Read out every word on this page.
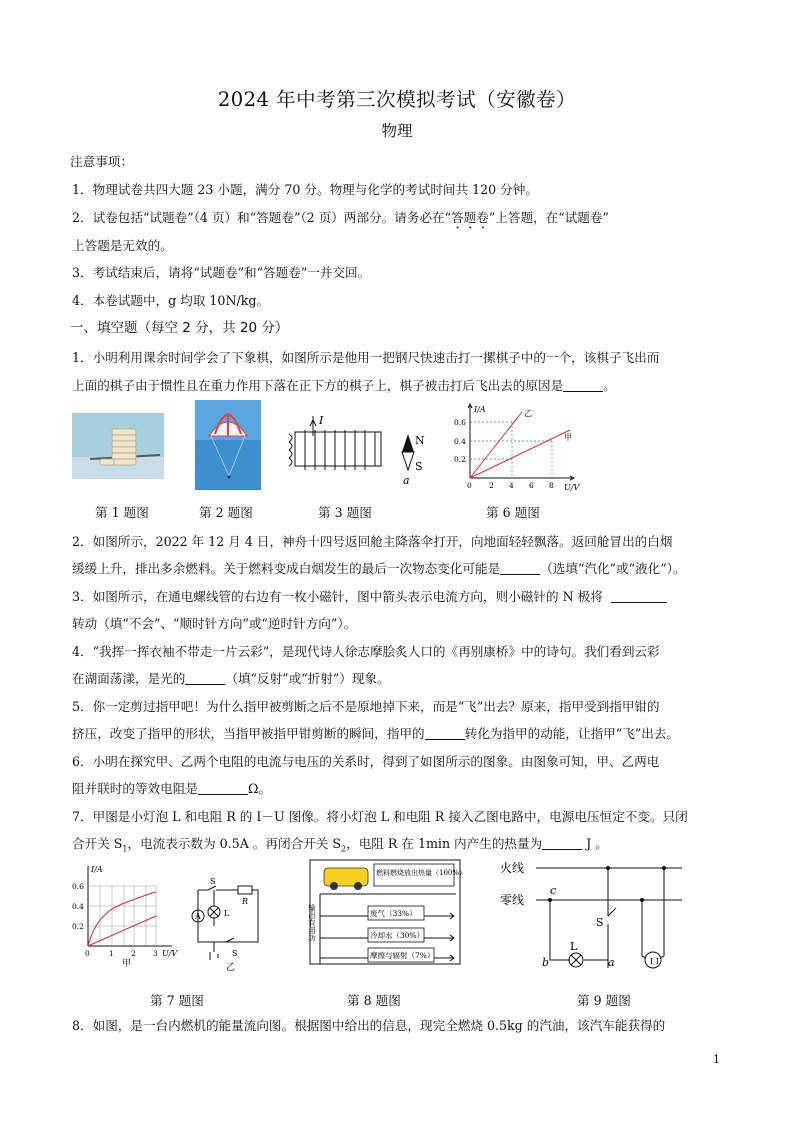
2024 年中考第三次模拟考试（安徽卷）
物理
注意事项：
1．物理试卷共四大题 23 小题，满分 70 分。物理与化学的考试时间共 120 分钟。
2．试卷包括“试题卷”（4 页）和“答题卷”（2 页）两部分。请务必在“答题卷”上答题，在“试题卷”
上答题是无效的。
3．考试结束后，请将“试题卷”和“答题卷”一并交回。
4．本卷试题中，g 均取 10N/kg。
一、填空题（每空 2 分，共 20 分）
1．小明利用课余时间学会了下象棋，如图所示是他用一把钢尺快速击打一摞棋子中的一个，该棋子飞出而
上面的棋子由于惯性且在重力作用下落在正下方的棋子上，棋子被击打后飞出去的原因是	。
I
N
S
a
I/A
U/V
乙
甲
0.6
0.4
0.2
0 2 4 6 8
第 1 题图	第 2 题图	第 3 题图	第 6 题图
2．如图所示，2022 年 12 月 4 日，神舟十四号返回舱主降落伞打开，向地面轻轻飘落。返回舱冒出的白烟
缓缓上升，排出多余燃料。关于燃料变成白烟发生的最后一次物态变化可能是	（选填“汽化”或“液化”）。
3．如图所示，在通电螺线管的右边有一枚小磁针，图中箭头表示电流方向，则小磁针的 N 极将
转动（填“不会”、“顺时针方向”或“逆时针方向”）。
4．“我挥一挥衣袖不带走一片云彩”，是现代诗人徐志摩脍炙人口的《再别康桥》中的诗句。我们看到云彩
在湖面荡漾，是光的	（填“反射”或“折射”）现象。
5．你一定剪过指甲吧！为什么指甲被剪断之后不是原地掉下来，而是“飞”出去？原来，指甲受到指甲钳的
挤压，改变了指甲的形状，当指甲被指甲钳剪断的瞬间，指甲的	转化为指甲的动能，让指甲“飞”出去。
6．小明在探究甲、乙两个电阻的电流与电压的关系时，得到了如图所示的图象。由图象可知，甲、乙两电
阻并联时的等效电阻是	Ω。
7．甲图是小灯泡 L 和电阻 R 的 I－U 图像。将小灯泡 L 和电阻 R 接入乙图电路中，电源电压恒定不变。只闭
合开关 $S_1$，电流表示数为 0.5A 。再闭合开关 $S_2$，电阻 R 在 1min 内产生的热量为	J 。
I/A
U/V
0.6
0.4
0.2
0	1 2 3
甲
S
R
L
A
S
乙
燃料燃烧放出热量（100%）
废气（33%）
冷却水（30%）
摩擦与辐射（7%）
输出有用功
火线
零线
I I
c
S
L
b	a
第 7 题图	第 8 题图	第 9 题图
8．如图，是一台内燃机的能量流向图。根据图中给出的信息，现完全燃烧 0.5kg 的汽油，该汽车能获得的
1
